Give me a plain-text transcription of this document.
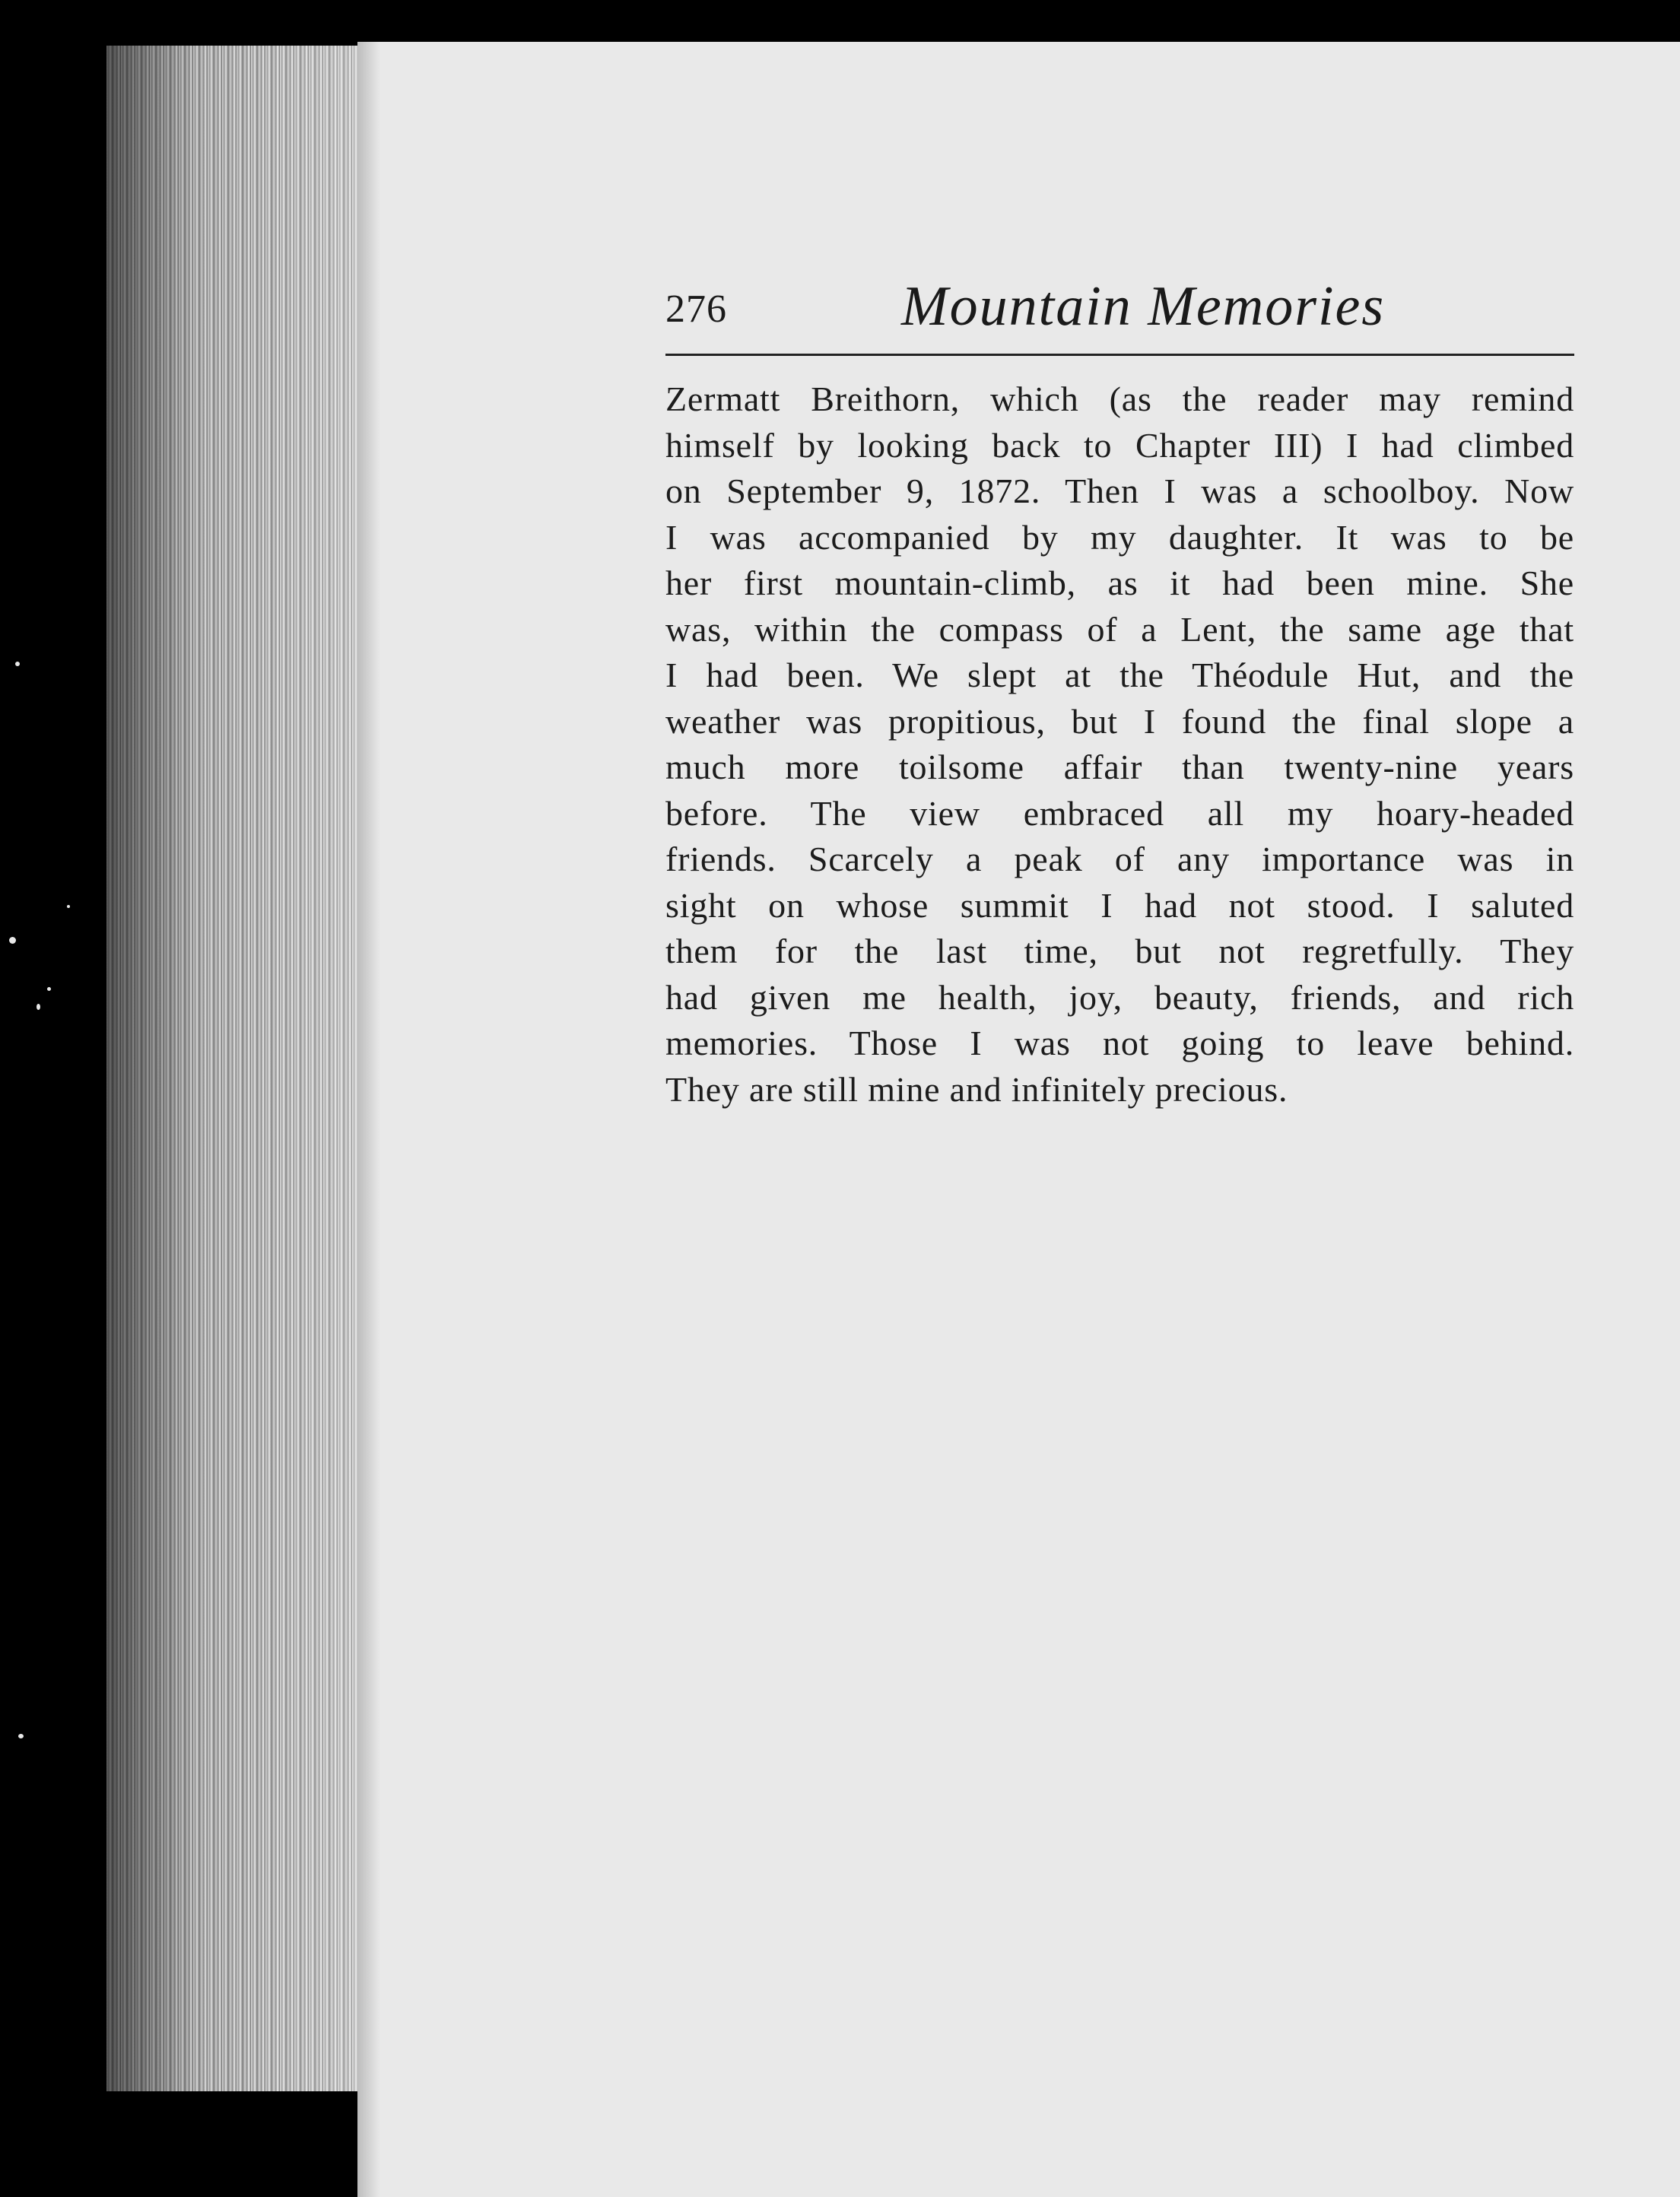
276	Mountain Memories
Zermatt Breithorn, which (as the reader may remind
himself by looking back to Chapter III) I had climbed
on September 9, 1872. Then I was a schoolboy. Now
I was accompanied by my daughter. It was to be
her first mountain-climb, as it had been mine. She
was, within the compass of a Lent, the same age that
I had been. We slept at the Théodule Hut, and the
weather was propitious, but I found the final slope a
much more toilsome affair than twenty-nine years
before. The view embraced all my hoary-headed
friends. Scarcely a peak of any importance was in
sight on whose summit I had not stood. I saluted
them for the last time, but not regretfully. They
had given me health, joy, beauty, friends, and rich
memories. Those I was not going to leave behind.
They are still mine and infinitely precious.
